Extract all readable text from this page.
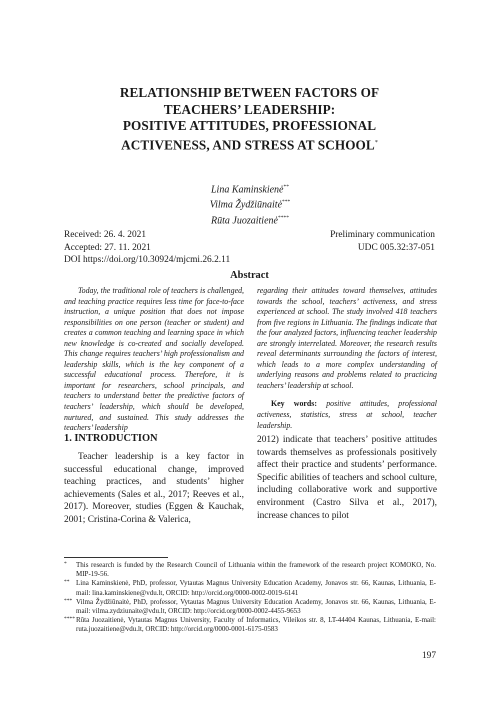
RELATIONSHIP BETWEEN FACTORS OF
TEACHERS’ LEADERSHIP:
POSITIVE ATTITUDES, PROFESSIONAL
ACTIVENESS, AND STRESS AT SCHOOL*
Lina Kaminskienė**
Vilma Žydžiūnaitė***
Rūta Juozaitienė****
Received: 26. 4. 2021
Accepted: 27. 11. 2021
DOI https://doi.org/10.30924/mjcmi.26.2.11
Preliminary communication
UDC 005.32:37-051
Abstract

Today, the traditional role of teachers is challenged, and teaching practice requires less time for face-to-face instruction, a unique position that does not impose responsibilities on one person (teacher or student) and creates a common teaching and learning space in which new knowledge is co-created and socially developed. This change requires teachers’ high professionalism and leadership skills, which is the key component of a successful educational process. Therefore, it is important for researchers, school principals, and teachers to understand better the predictive factors of teachers’ leadership, which should be developed, nurtured, and sustained. This study addresses the teachers’ leadership

regarding their attitudes toward themselves, attitudes towards the school, teachers’ activeness, and stress experienced at school. The study involved 418 teachers from five regions in Lithuania. The findings indicate that the four analyzed factors, influencing teacher leadership are strongly interrelated. Moreover, the research results reveal determinants surrounding the factors of interest, which leads to a more complex understanding of underlying reasons and problems related to practicing teachers’ leadership at school.

Key words: positive attitudes, professional activeness, statistics, stress at school, teacher leadership.

1. INTRODUCTION

Teacher leadership is a key factor in successful educational change, improved teaching practices, and students’ higher achievements (Sales et al., 2017; Reeves et al., 2017). Moreover, studies (Eggen & Kauchak, 2001; Cristina-Corina & Valerica,

2012) indicate that teachers’ positive attitudes towards themselves as professionals positively affect their practice and students’ performance. Specific abilities of teachers and school culture, including collaborative work and supportive environment (Castro Silva et al., 2017), increase chances to pilot

* This research is funded by the Research Council of Lithuania within the framework of the research project KOMOKO, No. MIP-19-56.
** Lina Kaminskienė, PhD, professor, Vytautas Magnus University Education Academy, Jonavos str. 66, Kaunas, Lithuania, E-mail: lina.kaminskiene@vdu.lt, ORCID: http://orcid.org/0000-0002-0019-6141
*** Vilma Žydžiūnaitė, PhD, professor, Vytautas Magnus University Education Academy, Jonavos str. 66, Kaunas, Lithuania, E-mail: vilma.zydziunaite@vdu.lt, ORCID: http://orcid.org/0000-0002-4455-9653
**** Rūta Juozaitienė, Vytautas Magnus University, Faculty of Informatics, Vileikos str. 8, LT-44404 Kaunas, Lithuania, E-mail: ruta.juozaitiene@vdu.lt, ORCID: http://orcid.org/0000-0001-6175-0583
197
